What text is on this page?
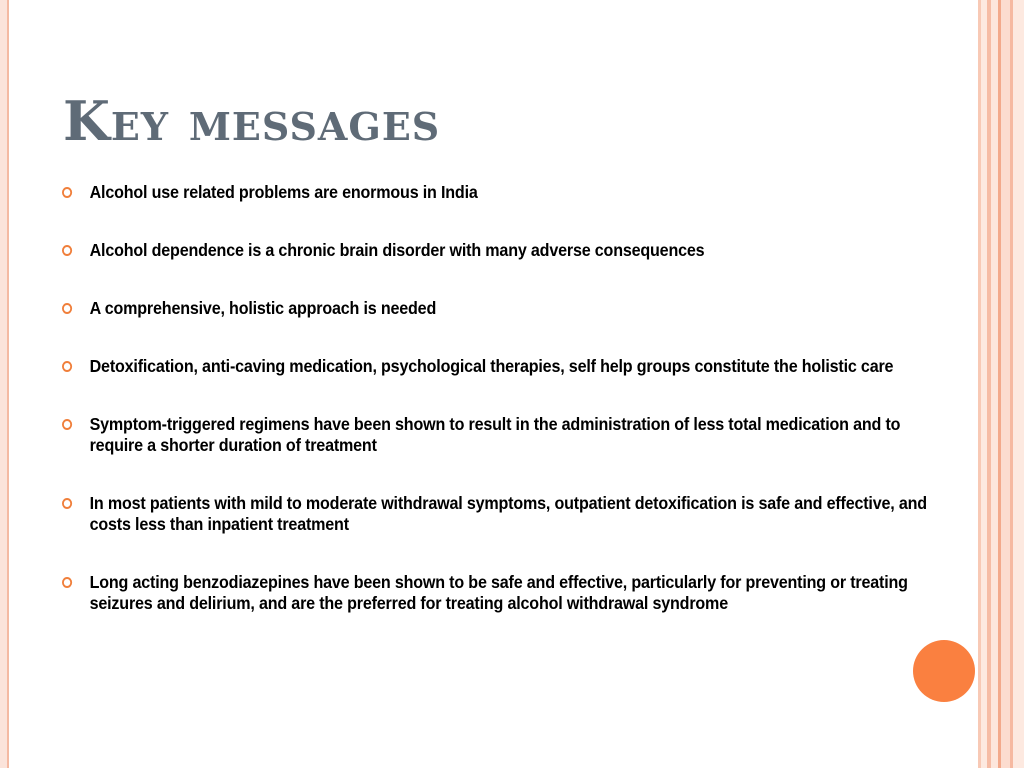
Key messages
Alcohol use related problems are enormous in India
Alcohol dependence is a chronic brain disorder with many adverse consequences
A comprehensive, holistic approach is needed
Detoxification, anti-caving medication, psychological therapies, self help groups constitute the holistic care
Symptom-triggered regimens have been shown to result in the administration of less total medication and to require a shorter duration of treatment
In most patients with mild to moderate withdrawal symptoms, outpatient detoxification is safe and effective, and costs less than inpatient treatment
Long acting benzodiazepines have been shown to be safe and effective, particularly for preventing or treating seizures and delirium, and are the preferred for treating alcohol withdrawal syndrome
